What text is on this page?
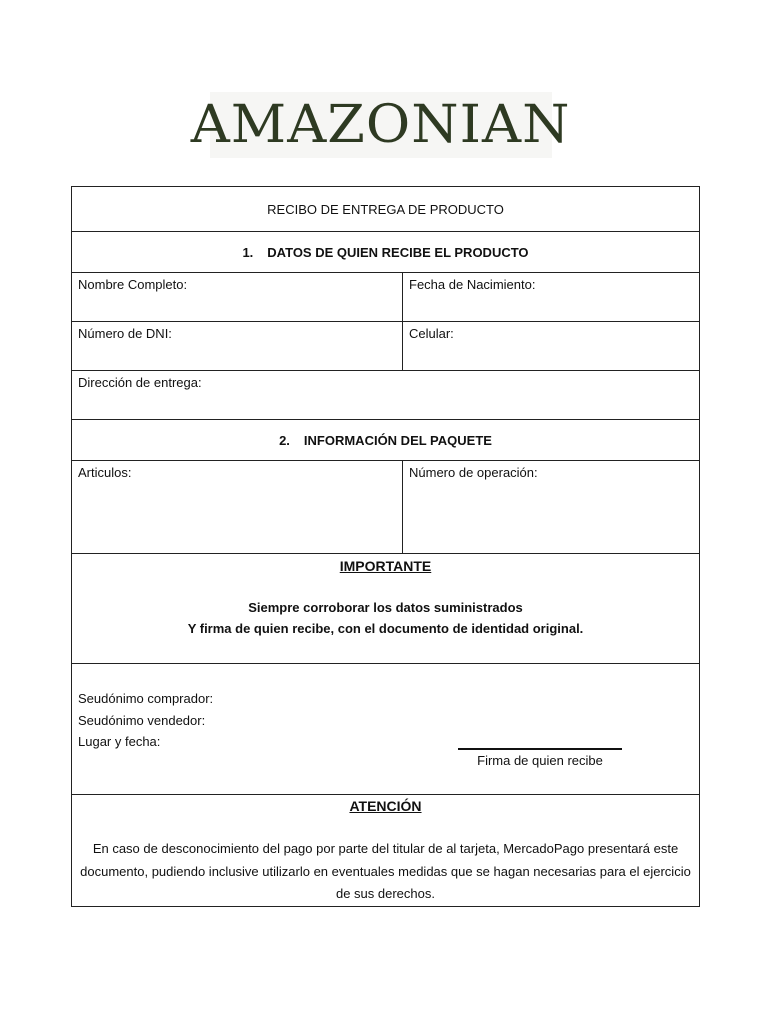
AMAZONIAN
RECIBO DE ENTREGA DE PRODUCTO	
1. DATOS DE QUIEN RECIBE EL PRODUCTO	
Nombre Completo:	Fecha de Nacimiento:
Número de DNI:	Celular:
Dirección de entrega:	
2. INFORMACIÓN DEL PAQUETE	
Articulos:	Número de operación:

IMPORTANTE
Siempre corroborar los datos suministrados
Y firma de quien recibe, con el documento de identidad original.	

Seudónimo comprador:
Seudónimo vendedor:
Lugar y fecha:
Firma de quien recibe	

ATENCIÓN
En caso de desconocimiento del pago por parte del titular de al tarjeta, MercadoPago presentará este documento, pudiendo inclusive utilizarlo en eventuales medidas que se hagan necesarias para el ejercicio de sus derechos.	
